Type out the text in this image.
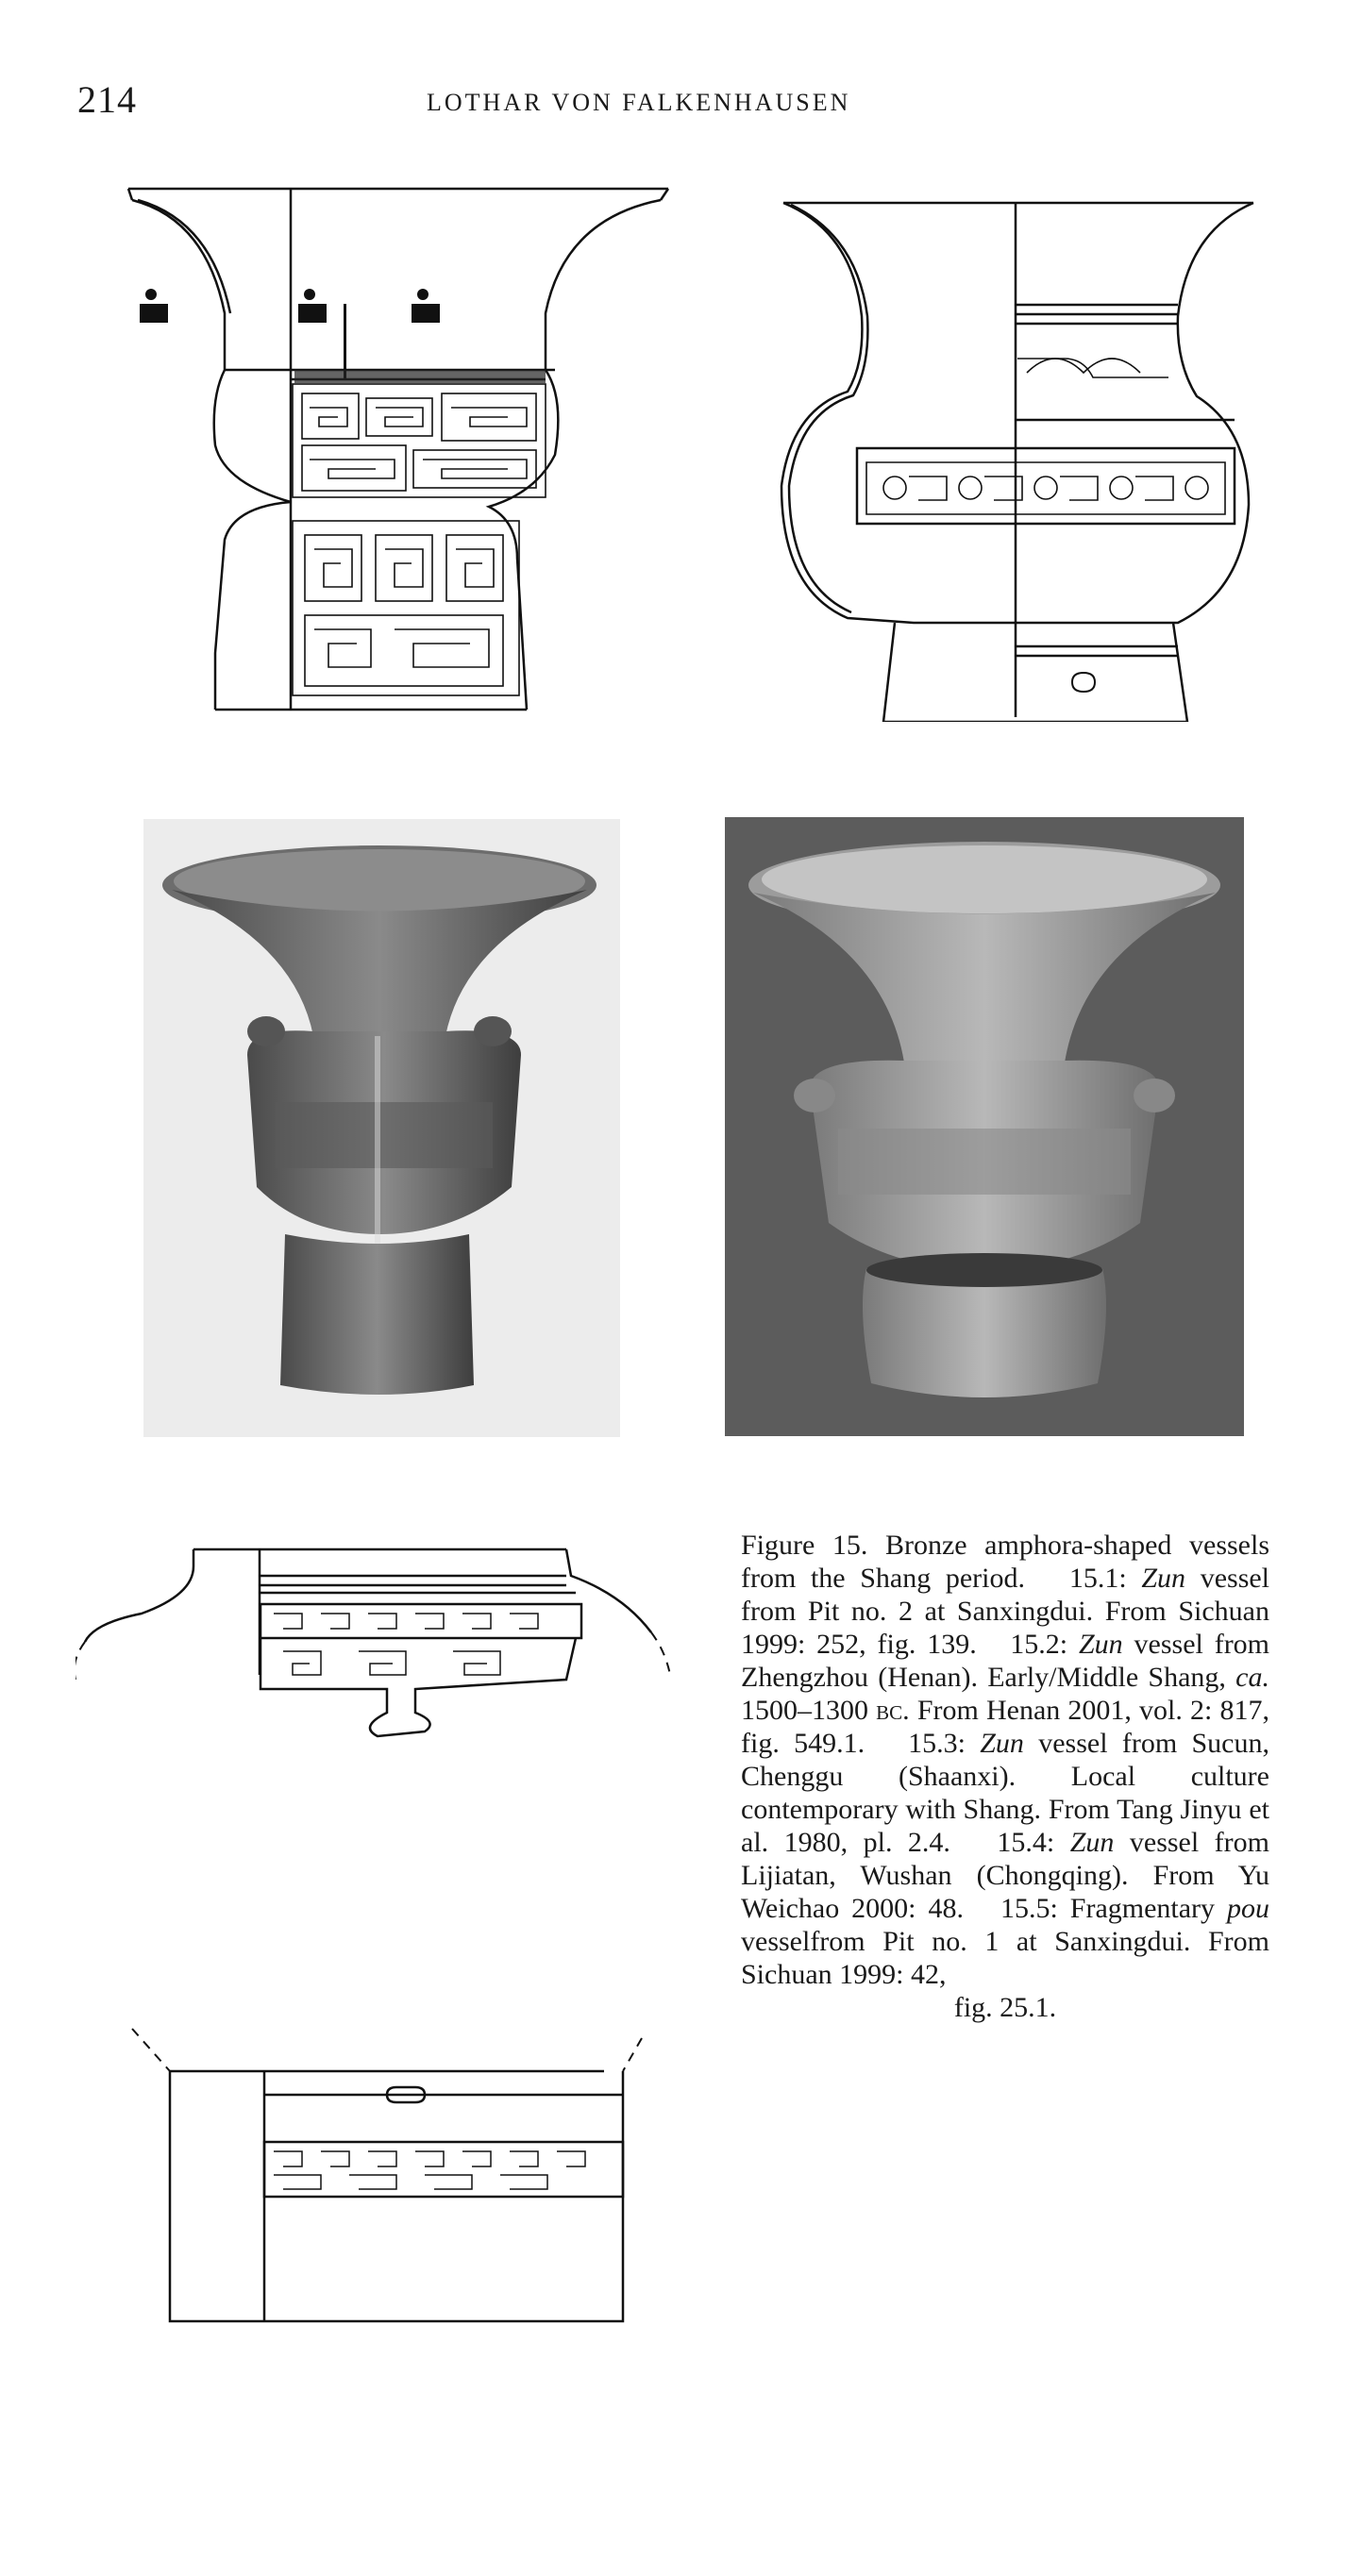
214	LOTHAR VON FALKENHAUSEN
Figure 15. Bronze amphora-shaped vessels from the Shang period. 15.1: Zun vessel from Pit no. 2 at Sanxingdui. From Sichuan 1999: 252, fig. 139. 15.2: Zun vessel from Zhengzhou (Henan). Early/Middle Shang, ca. 1500–1300 bc. From Henan 2001, vol. 2: 817, fig. 549.1. 15.3: Zun vessel from Sucun, Chenggu (Shaanxi). Local culture contemporary with Shang. From Tang Jinyu et al. 1980, pl. 2.4. 15.4: Zun vessel from Lijiatan, Wushan (Chongqing). From Yu Weichao 2000: 48. 15.5: Fragmentary pou vesselfrom Pit no. 1 at Sanxingdui. From Sichuan 1999: 42,
fig. 25.1.
